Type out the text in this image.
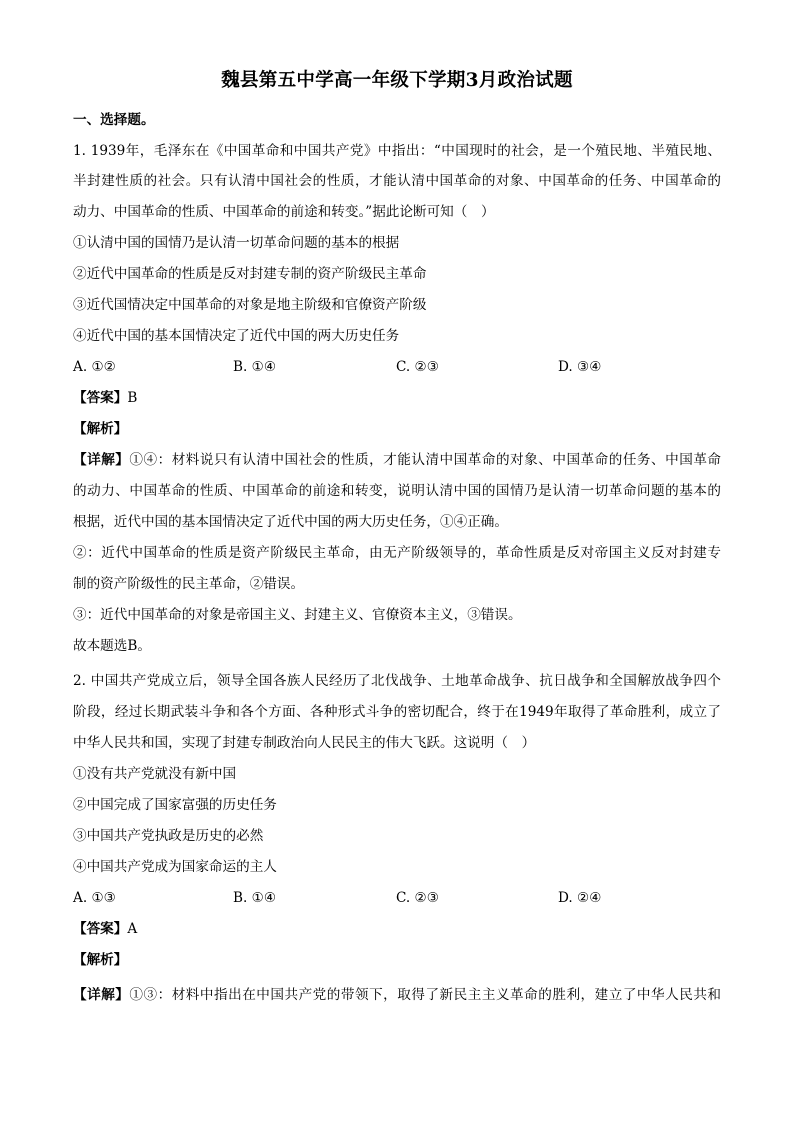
魏县第五中学高一年级下学期3月政治试题
一、选择题。
1. 1939年，毛泽东在《中国革命和中国共产党》中指出：“中国现时的社会，是一个殖民地、半殖民地、
半封建性质的社会。只有认清中国社会的性质，才能认清中国革命的对象、中国革命的任务、中国革命的
动力、中国革命的性质、中国革命的前途和转变。”据此论断可知（　）
①认清中国的国情乃是认清一切革命问题的基本的根据
②近代中国革命的性质是反对封建专制的资产阶级民主革命
③近代国情决定中国革命的对象是地主阶级和官僚资产阶级
④近代中国的基本国情决定了近代中国的两大历史任务
A. ①②	B. ①④	C. ②③	D. ③④
【答案】B
【解析】
【详解】①④：材料说只有认清中国社会的性质，才能认清中国革命的对象、中国革命的任务、中国革命
的动力、中国革命的性质、中国革命的前途和转变，说明认清中国的国情乃是认清一切革命问题的基本的
根据，近代中国的基本国情决定了近代中国的两大历史任务，①④正确。
②：近代中国革命的性质是资产阶级民主革命，由无产阶级领导的，革命性质是反对帝国主义反对封建专
制的资产阶级性的民主革命，②错误。
③：近代中国革命的对象是帝国主义、封建主义、官僚资本主义，③错误。
故本题选B。
2. 中国共产党成立后，领导全国各族人民经历了北伐战争、土地革命战争、抗日战争和全国解放战争四个
阶段，经过长期武装斗争和各个方面、各种形式斗争的密切配合，终于在1949年取得了革命胜利，成立了
中华人民共和国，实现了封建专制政治向人民民主的伟大飞跃。这说明（　）
①没有共产党就没有新中国
②中国完成了国家富强的历史任务
③中国共产党执政是历史的必然
④中国共产党成为国家命运的主人
A. ①③	B. ①④	C. ②③	D. ②④
【答案】A
【解析】
【详解】①③：材料中指出在中国共产党的带领下，取得了新民主主义革命的胜利，建立了中华人民共和
